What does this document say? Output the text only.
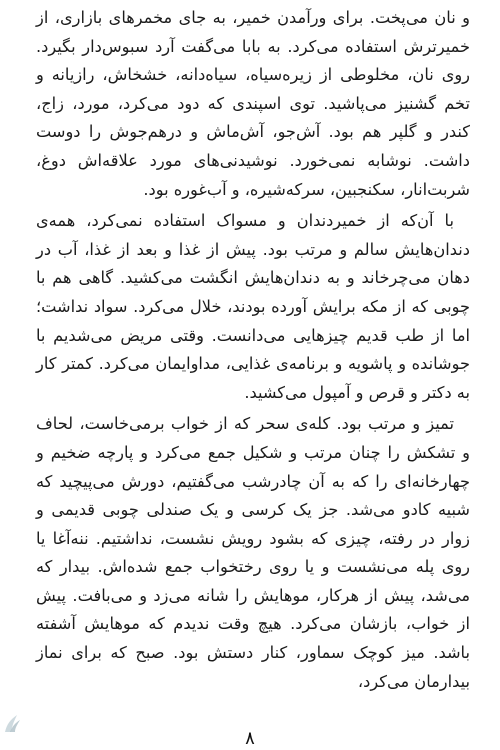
و نان می‌پخت. برای ورآمدن خمیر، به جای مخمرهای بازاری، از خمیرترش استفاده می‌کرد. به بابا می‌گفت آرد سبوس‌دار بگیرد. روی نان، مخلوطی از زیره‌سیاه، سیاه‌دانه، خشخاش، رازیانه و تخم گشنیز می‌پاشید. توی اسپندی که دود می‌کرد، مورد، زاج، کندر و گلپر هم بود. آش‌جو، آش‌ماش و درهم‌جوش را دوست داشت. نوشابه نمی‌خورد. نوشیدنی‌های مورد علاقه‌اش دوغ، شربت‌انار، سکنجبین، سرکه‌شیره، و آب‌غوره بود.

با آن‌که از خمیردندان و مسواک استفاده نمی‌کرد، همه‌ی دندان‌هایش سالم و مرتب بود. پیش از غذا و بعد از غذا، آب در دهان می‌چرخاند و به دندان‌هایش انگشت می‌کشید. گاهی هم با چوبی که از مکه برایش آورده بودند، خلال می‌کرد. سواد نداشت؛ اما از طب قدیم چیزهایی می‌دانست. وقتی مریض می‌شدیم با جوشانده و پاشویه و برنامه‌ی غذایی، مداوایمان می‌کرد. کمتر کار به دکتر و قرص و آمپول می‌کشید.

تمیز و مرتب بود. کله‌ی سحر که از خواب برمی‌خاست، لحاف و تشکش را چنان مرتب و شکیل جمع می‌کرد و پارچه ضخیم و چهارخانه‌ای را که به آن چادرشب می‌گفتیم، دورش می‌پیچید که شبیه کادو می‌شد. جز یک کرسی و یک صندلی چوبی قدیمی و زوار در رفته، چیزی که بشود رویش نشست، نداشتیم. ننه‌آغا یا روی پله می‌نشست و یا روی رختخواب جمع شده‌اش. بیدار که می‌شد، پیش از هرکار، موهایش را شانه می‌زد و می‌بافت. پیش از خواب، بازشان می‌کرد. هیچ وقت ندیدم که موهایش آشفته باشد. میز کوچک سماور، کنار دستش بود. صبح که برای نماز بیدارمان می‌کرد،

۸
